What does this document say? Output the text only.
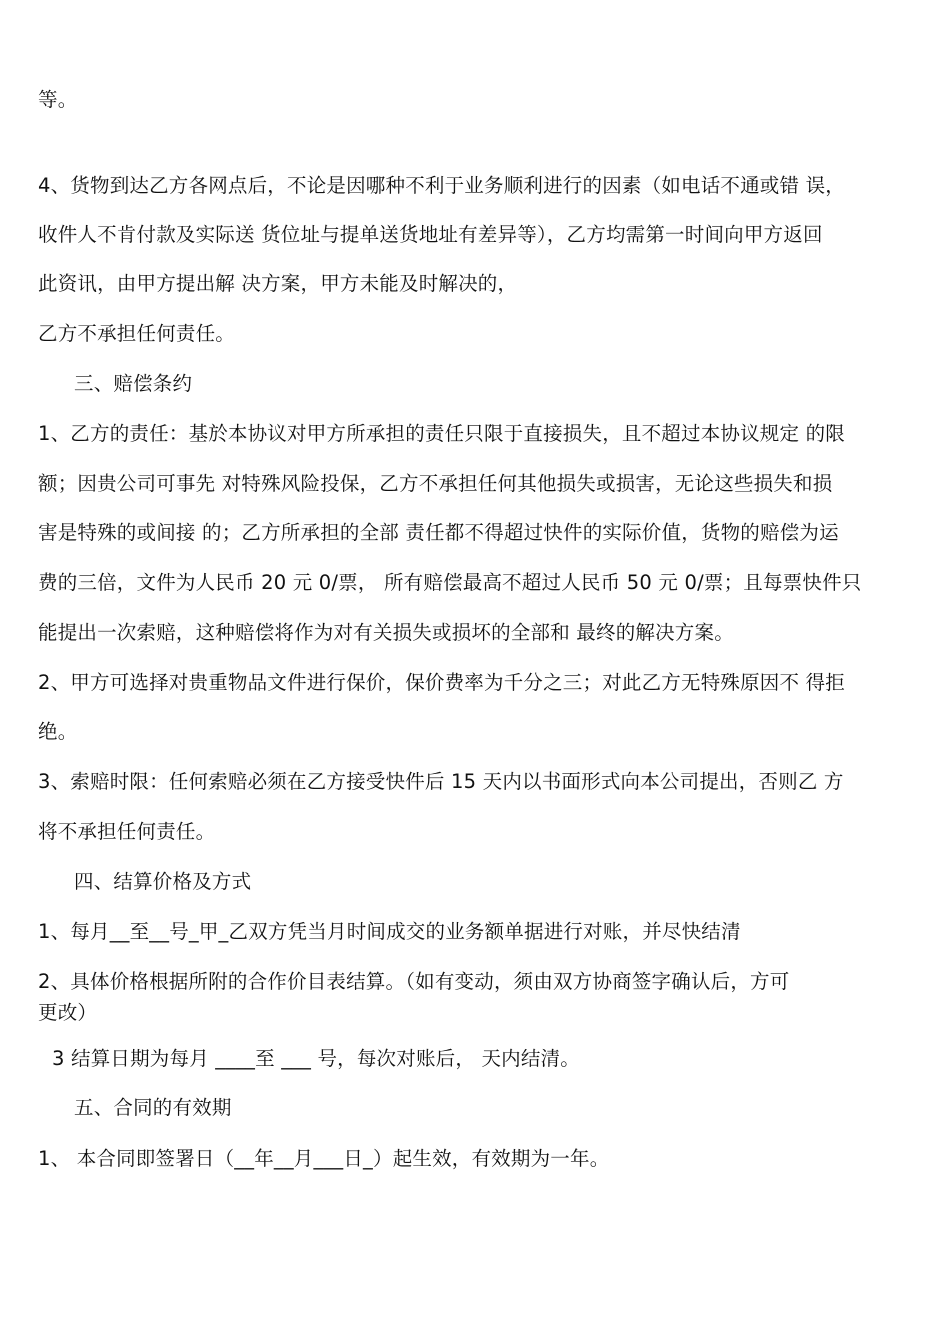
等。
4、货物到达乙方各网点后，不论是因哪种不利于业务顺利进行的因素（如电话不通或错 误，
收件人不肯付款及实际送 货位址与提单送货地址有差异等），乙方均需第一时间向甲方返回
此资讯，由甲方提出解 决方案，甲方未能及时解决的，
乙方不承担任何责任。
三、赔偿条约
1、乙方的责任：基於本协议对甲方所承担的责任只限于直接损失，且不超过本协议规定 的限
额；因贵公司可事先 对特殊风险投保，乙方不承担任何其他损失或损害，无论这些损失和损
害是特殊的或间接 的；乙方所承担的全部 责任都不得超过快件的实际价值，货物的赔偿为运
费的三倍，文件为人民币 20 元 0/票， 所有赔偿最高不超过人民币 50 元 0/票；且每票快件只
能提出一次索赔，这种赔偿将作为对有关损失或损坏的全部和 最终的解决方案。
2、甲方可选择对贵重物品文件进行保价，保价费率为千分之三；对此乙方无特殊原因不 得拒
绝。
3、索赔时限：任何索赔必须在乙方接受快件后 15 天内以书面形式向本公司提出，否则乙 方
将不承担任何责任。
四、结算价格及方式
1、每月__至__号_甲_乙双方凭当月时间成交的业务额单据进行对账，并尽快结清
2、具体价格根据所附的合作价目表结算。（如有变动，须由双方协商签字确认后，方可
更改）
3 结算日期为每月 ____至 ___ 号，每次对账后， 天内结清。
五、合同的有效期
1、 本合同即签署日（__年__月___日_）起生效，有效期为一年。
